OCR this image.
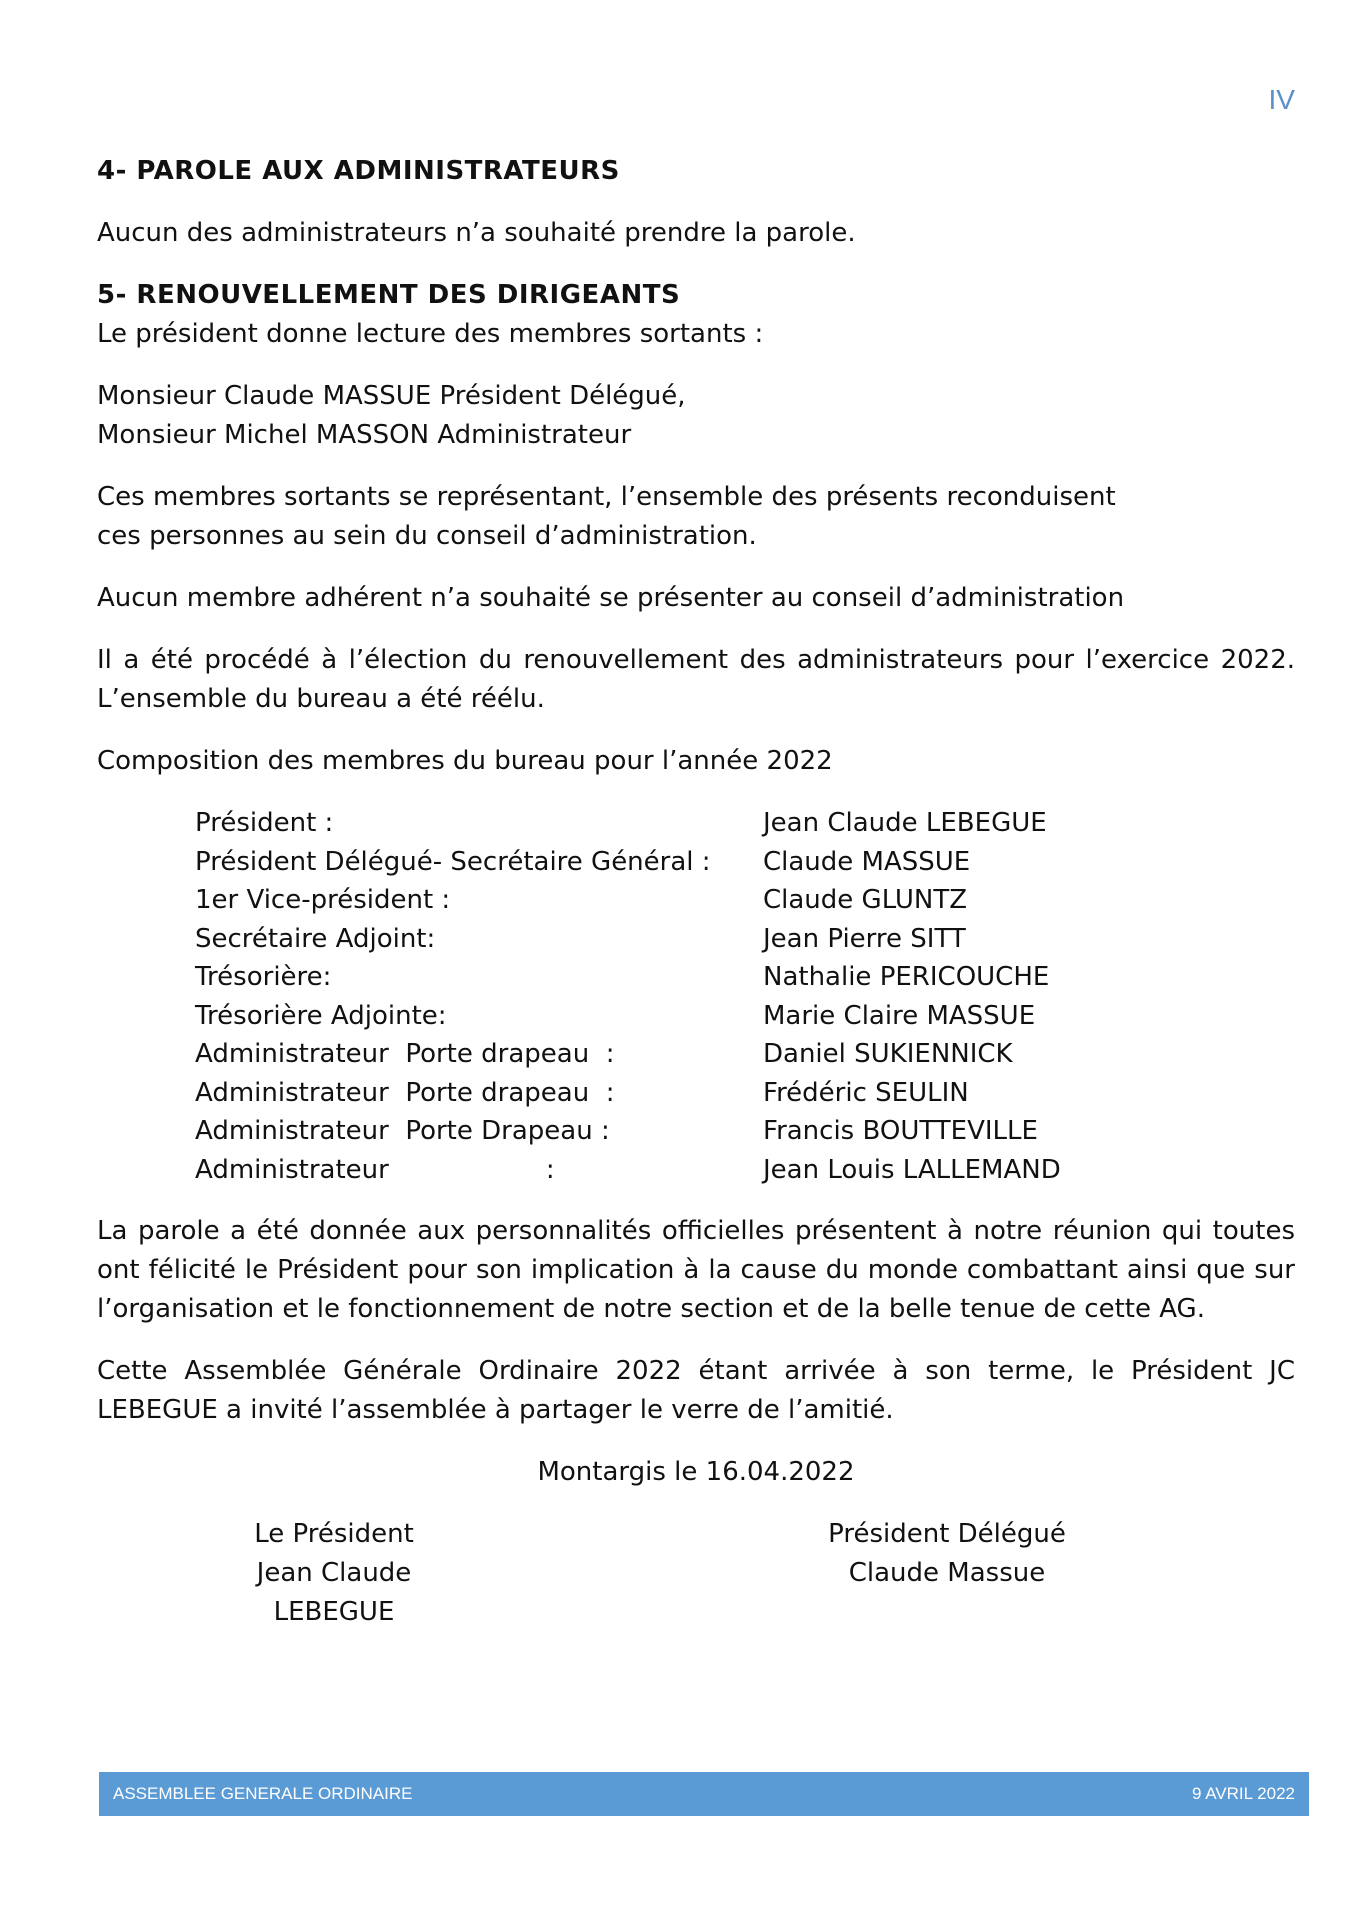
IV

4- PAROLE AUX ADMINISTRATEURS

Aucun des administrateurs n’a souhaité prendre la parole.

5- RENOUVELLEMENT DES DIRIGEANTS

Le président donne lecture des membres sortants :

Monsieur Claude MASSUE Président Délégué,

Monsieur Michel MASSON Administrateur

Ces membres sortants se représentant, l’ensemble des présents reconduisent ces personnes au sein du conseil d’administration.

Aucun membre adhérent n’a souhaité se présenter au conseil d’administration

Il a été procédé à l’élection du renouvellement des administrateurs pour l’exercice 2022. L’ensemble du bureau a été réélu.

Composition des membres du bureau pour l’année 2022

Président :	Jean Claude LEBEGUE
Président Délégué- Secrétaire Général :	Claude MASSUE
1er Vice-président :	Claude GLUNTZ
Secrétaire Adjoint:	Jean Pierre SITT
Trésorière:	Nathalie PERICOUCHE
Trésorière Adjointe:	Marie Claire MASSUE
Administrateur  Porte drapeau  :	Daniel SUKIENNICK
Administrateur  Porte drapeau  :	Frédéric SEULIN
Administrateur  Porte Drapeau :	Francis BOUTTEVILLE
Administrateur                   :	Jean Louis LALLEMAND

La parole a été donnée aux personnalités officielles présentent à notre réunion qui toutes ont félicité le Président pour son implication à la cause du monde combattant ainsi que sur l’organisation et le fonctionnement de notre section et de la belle tenue de cette AG.

Cette Assemblée Générale Ordinaire 2022 étant arrivée à son terme, le Président JC LEBEGUE a invité l’assemblée à partager le verre de l’amitié.

Montargis le 16.04.2022

Le Président
Jean Claude LEBEGUE
Président Délégué
Claude Massue
ASSEMBLEE GENERALE ORDINAIRE	9 AVRIL 2022
